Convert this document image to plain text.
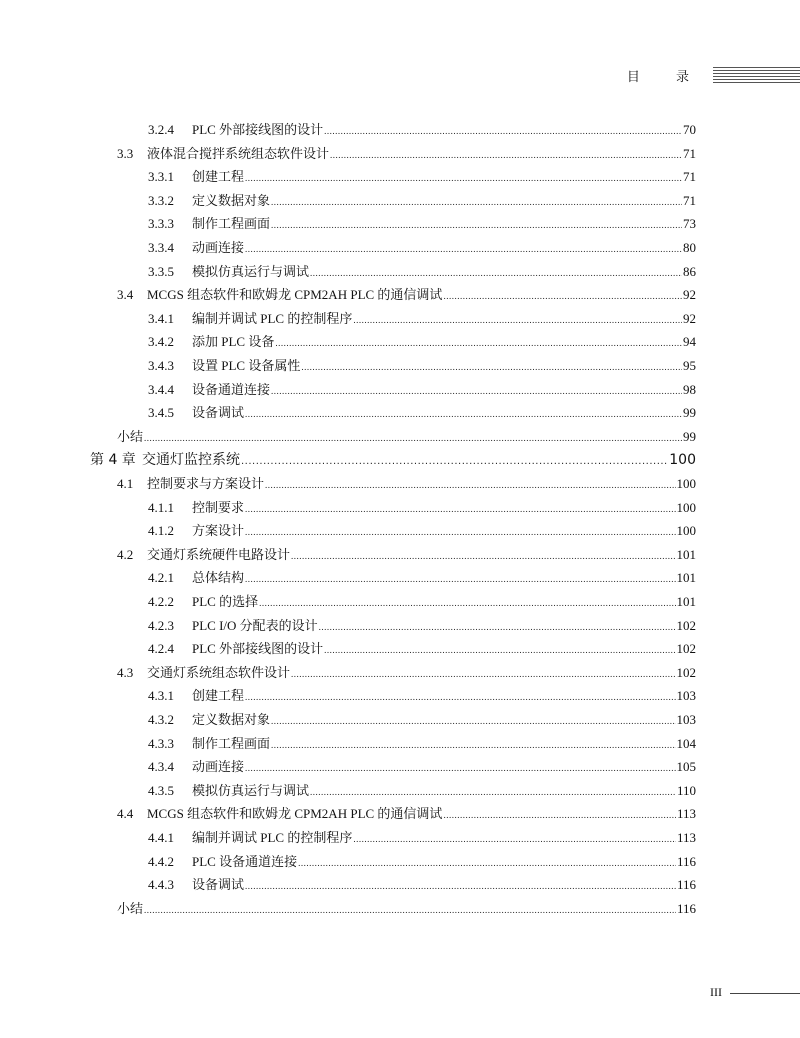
目 录
3.2.4	PLC 外部接线图的设计 .....	70
3.3	液体混合搅拌系统组态软件设计 .....	71
3.3.1	创建工程 .....	71
3.3.2	定义数据对象 .....	71
3.3.3	制作工程画面 .....	73
3.3.4	动画连接 .....	80
3.3.5	模拟仿真运行与调试 .....	86
3.4	MCGS 组态软件和欧姆龙 CPM2AH PLC 的通信调试 .....	92
3.4.1	编制并调试 PLC 的控制程序 .....	92
3.4.2	添加 PLC 设备 .....	94
3.4.3	设置 PLC 设备属性 .....	95
3.4.4	设备通道连接 .....	98
3.4.5	设备调试 .....	99
小结 .....	99
第 4 章 交通灯监控系统 .....	100
4.1	控制要求与方案设计 .....	100
4.1.1	控制要求 .....	100
4.1.2	方案设计 .....	100
4.2	交通灯系统硬件电路设计 .....	101
4.2.1	总体结构 .....	101
4.2.2	PLC 的选择 .....	101
4.2.3	PLC I/O 分配表的设计 .....	102
4.2.4	PLC 外部接线图的设计 .....	102
4.3	交通灯系统组态软件设计 .....	102
4.3.1	创建工程 .....	103
4.3.2	定义数据对象 .....	103
4.3.3	制作工程画面 .....	104
4.3.4	动画连接 .....	105
4.3.5	模拟仿真运行与调试 .....	110
4.4	MCGS 组态软件和欧姆龙 CPM2AH PLC 的通信调试 .....	113
4.4.1	编制并调试 PLC 的控制程序 .....	113
4.4.2	PLC 设备通道连接 .....	116
4.4.3	设备调试 .....	116
小结 .....	116
III
